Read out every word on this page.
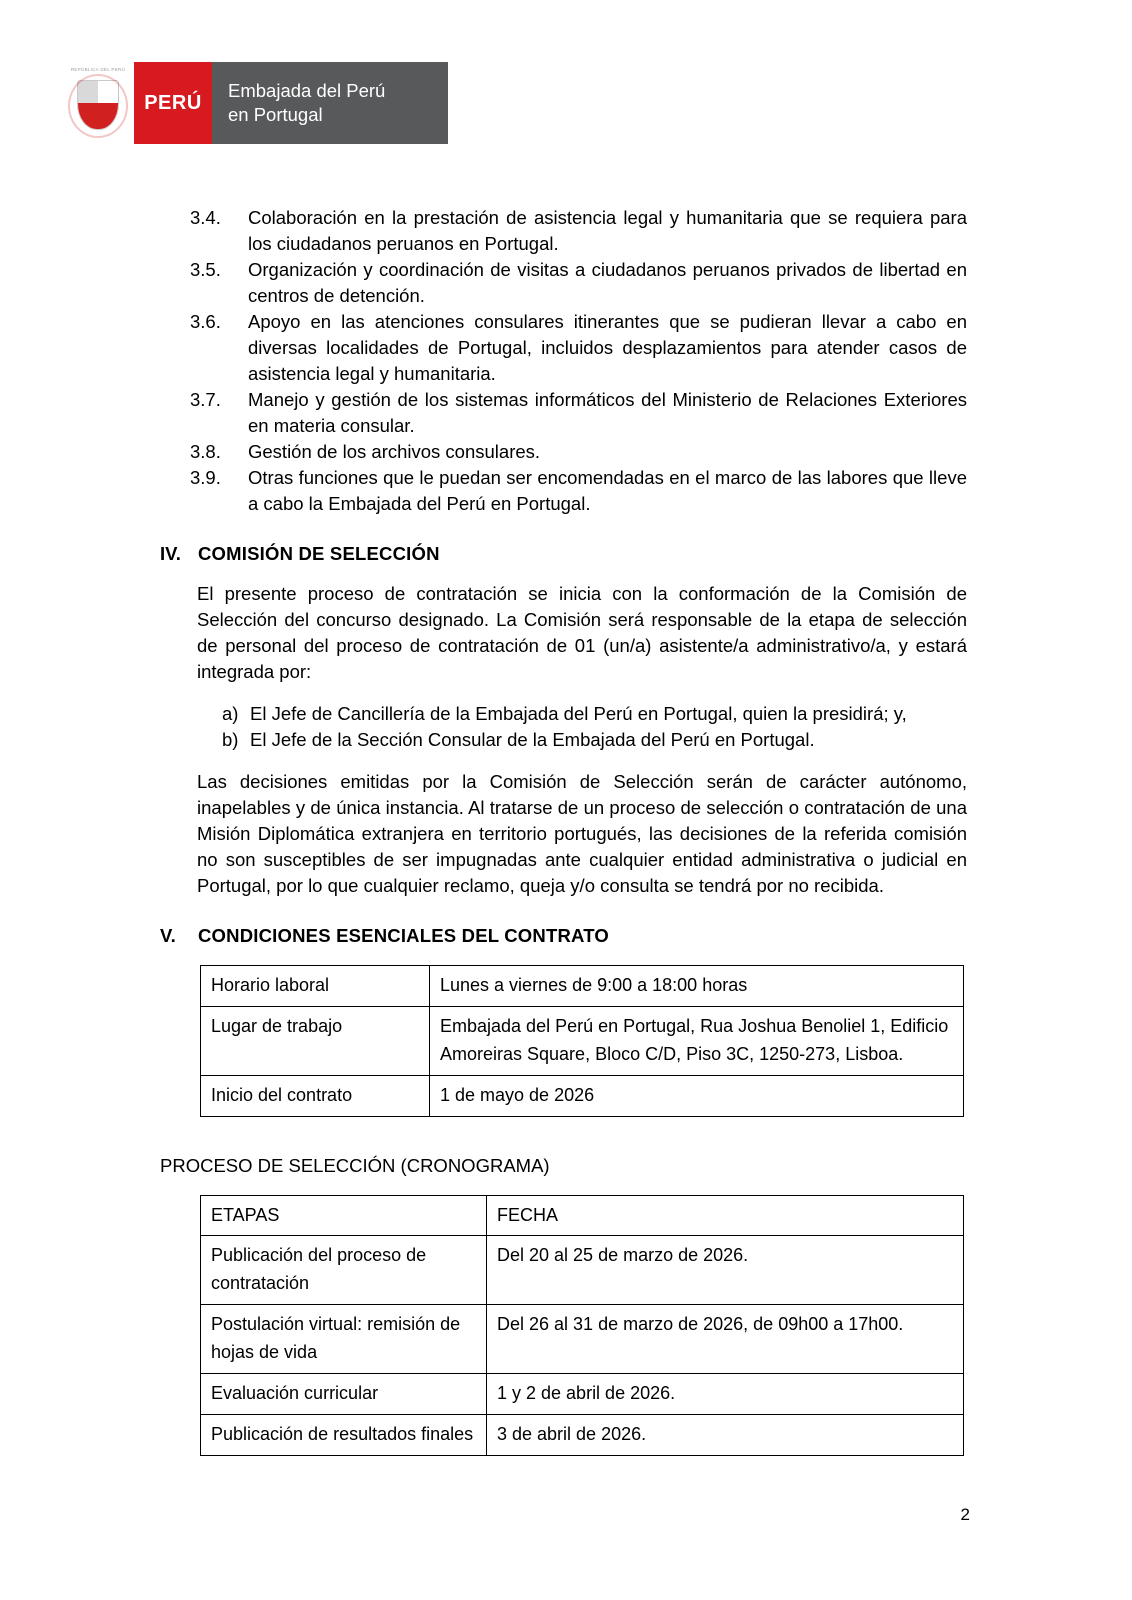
REPÚBLICA DEL PERÚ
PERÚ
Embajada del Perú
en Portugal
3.4.	Colaboración en la prestación de asistencia legal y humanitaria que se requiera para los ciudadanos peruanos en Portugal.
3.5.	Organización y coordinación de visitas a ciudadanos peruanos privados de libertad en centros de detención.
3.6.	Apoyo en las atenciones consulares itinerantes que se pudieran llevar a cabo en diversas localidades de Portugal, incluidos desplazamientos para atender casos de asistencia legal y humanitaria.
3.7.	Manejo y gestión de los sistemas informáticos del Ministerio de Relaciones Exteriores en materia consular.
3.8.	Gestión de los archivos consulares.
3.9.	Otras funciones que le puedan ser encomendadas en el marco de las labores que lleve a cabo la Embajada del Perú en Portugal.
IV. COMISIÓN DE SELECCIÓN
El presente proceso de contratación se inicia con la conformación de la Comisión de Selección del concurso designado. La Comisión será responsable de la etapa de selección de personal del proceso de contratación de 01 (un/a) asistente/a administrativo/a, y estará integrada por:
a) El Jefe de Cancillería de la Embajada del Perú en Portugal, quien la presidirá; y,
b) El Jefe de la Sección Consular de la Embajada del Perú en Portugal.
Las decisiones emitidas por la Comisión de Selección serán de carácter autónomo, inapelables y de única instancia. Al tratarse de un proceso de selección o contratación de una Misión Diplomática extranjera en territorio portugués, las decisiones de la referida comisión no son susceptibles de ser impugnadas ante cualquier entidad administrativa o judicial en Portugal, por lo que cualquier reclamo, queja y/o consulta se tendrá por no recibida.
V.	CONDICIONES ESENCIALES DEL CONTRATO
Horario laboral	Lunes a viernes de 9:00 a 18:00 horas
Lugar de trabajo	Embajada del Perú en Portugal, Rua Joshua Benoliel 1, Edificio Amoreiras Square, Bloco C/D, Piso 3C, 1250-273, Lisboa.
Inicio del contrato	1 de mayo de 2026
PROCESO DE SELECCIÓN (CRONOGRAMA)
ETAPAS	FECHA
Publicación del proceso de contratación	Del 20 al 25 de marzo de 2026.
Postulación virtual: remisión de hojas de vida	Del 26 al 31 de marzo de 2026, de 09h00 a 17h00.
Evaluación curricular	1 y 2 de abril de 2026.
Publicación de resultados finales	3 de abril de 2026.
2
